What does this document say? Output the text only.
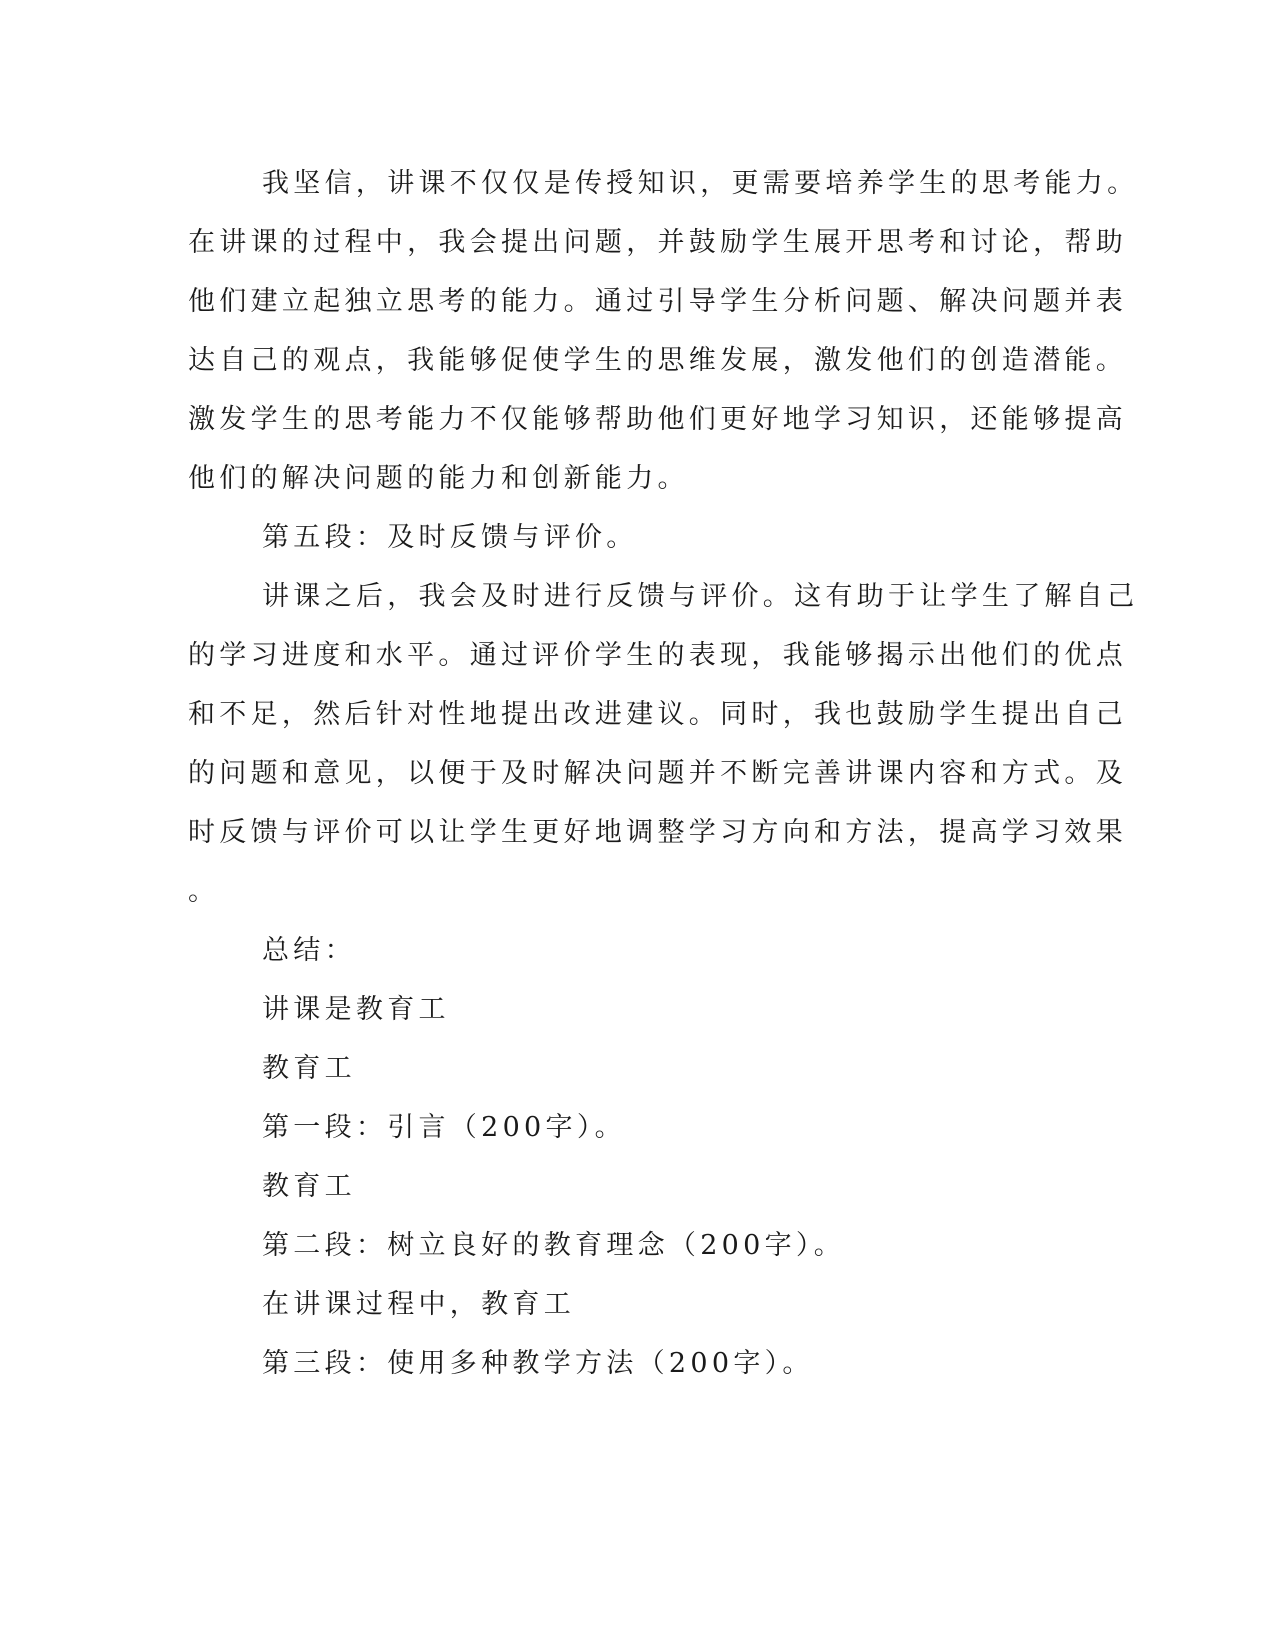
我坚信，讲课不仅仅是传授知识，更需要培养学生的思考能力。
在讲课的过程中，我会提出问题，并鼓励学生展开思考和讨论，帮助
他们建立起独立思考的能力。通过引导学生分析问题、解决问题并表
达自己的观点，我能够促使学生的思维发展，激发他们的创造潜能。
激发学生的思考能力不仅能够帮助他们更好地学习知识，还能够提高
他们的解决问题的能力和创新能力。
第五段：及时反馈与评价。
讲课之后，我会及时进行反馈与评价。这有助于让学生了解自己
的学习进度和水平。通过评价学生的表现，我能够揭示出他们的优点
和不足，然后针对性地提出改进建议。同时，我也鼓励学生提出自己
的问题和意见，以便于及时解决问题并不断完善讲课内容和方式。及
时反馈与评价可以让学生更好地调整学习方向和方法，提高学习效果
。
总结：
讲课是教育工
教育工
第一段：引言（200字）。
教育工
第二段：树立良好的教育理念（200字）。
在讲课过程中，教育工
第三段：使用多种教学方法（200字）。
